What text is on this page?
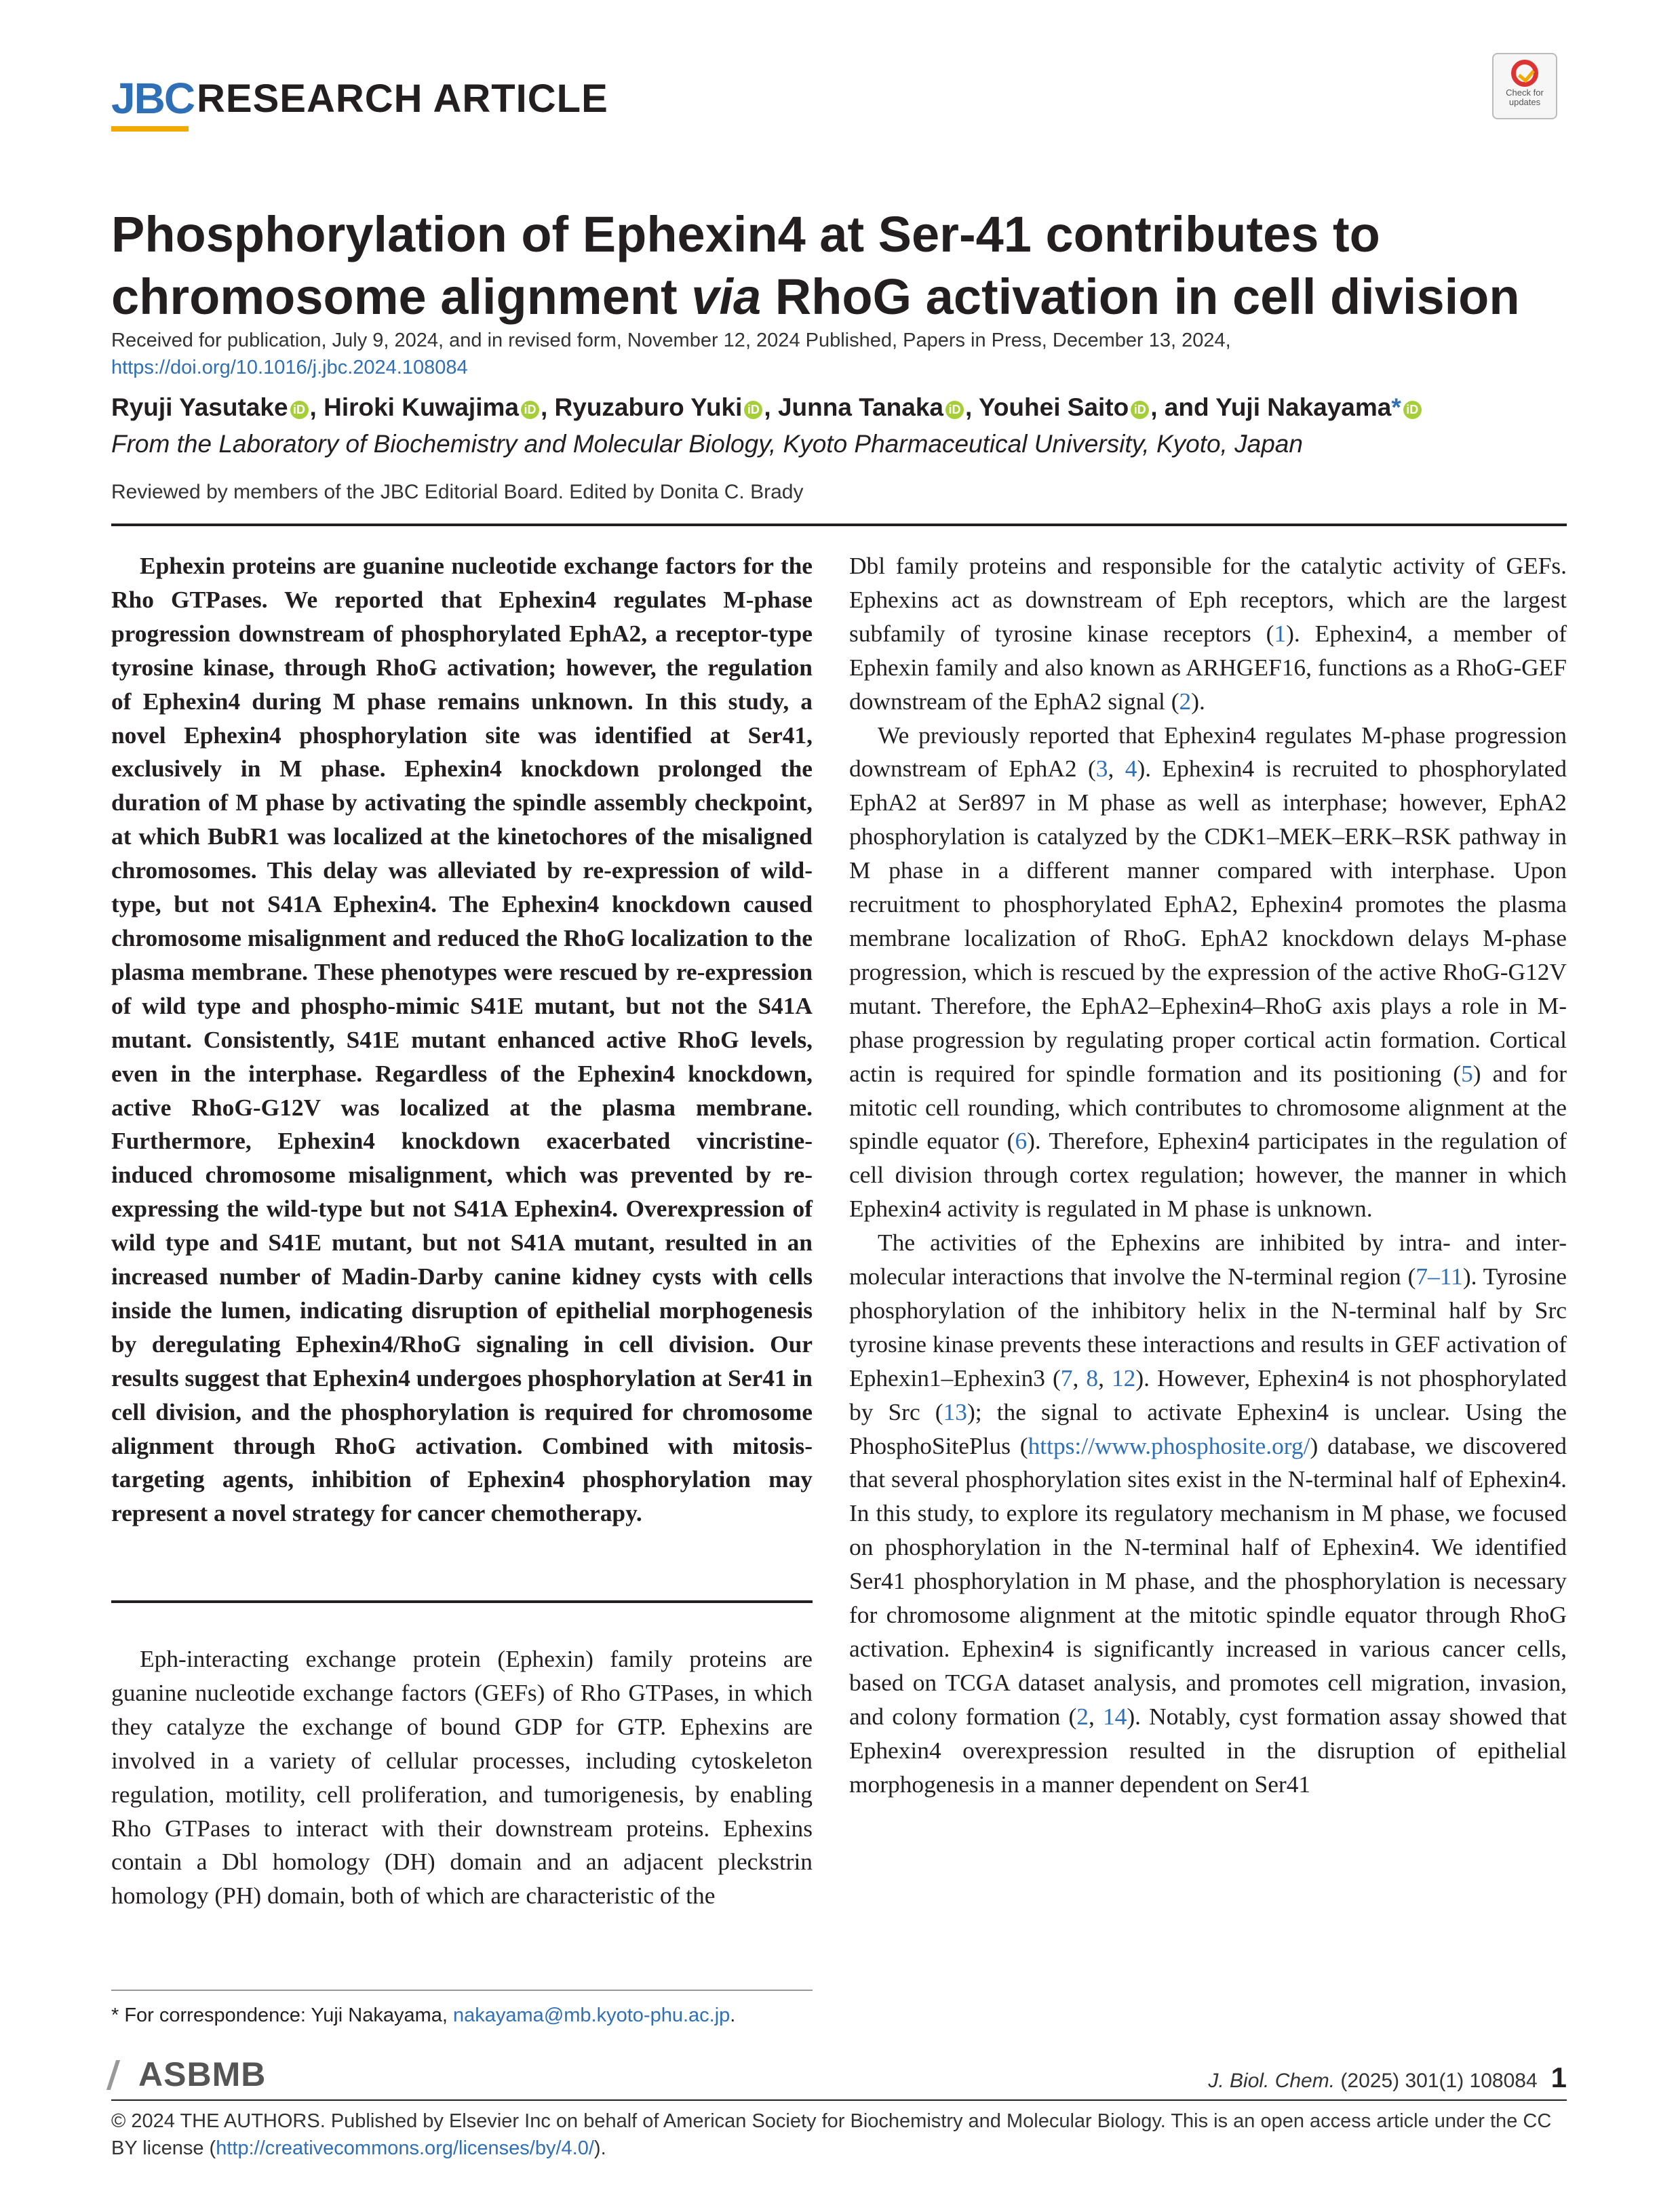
JBC RESEARCH ARTICLE	Check for
updates
Phosphorylation of Ephexin4 at Ser-41 contributes to
chromosome alignment via RhoG activation in cell division
Received for publication, July 9, 2024, and in revised form, November 12, 2024 Published, Papers in Press, December 13, 2024,
https://doi.org/10.1016/j.jbc.2024.108084
Ryuji Yasutake iD , Hiroki Kuwajima iD , Ryuzaburo Yuki iD , Junna Tanaka iD , Youhei Saito iD , and Yuji Nakayama* iD
From the Laboratory of Biochemistry and Molecular Biology, Kyoto Pharmaceutical University, Kyoto, Japan
Reviewed by members of the JBC Editorial Board. Edited by Donita C. Brady
Ephexin proteins are guanine nucleotide exchange factors for the Rho GTPases. We reported that Ephexin4 regulates M-phase progression downstream of phosphorylated EphA2, a receptor-type tyrosine kinase, through RhoG activation; however, the regulation of Ephexin4 during M phase remains unknown. In this study, a novel Ephexin4 phosphorylation site was identified at Ser41, exclusively in M phase. Ephexin4 knockdown prolonged the duration of M phase by activating the spindle assembly checkpoint, at which BubR1 was localized at the kinetochores of the misaligned chromosomes. This delay was alleviated by re-expression of wild-type, but not S41A Ephexin4. The Ephexin4 knockdown caused chromosome misalignment and reduced the RhoG localization to the plasma membrane. These phenotypes were rescued by re-expression of wild type and phospho-mimic S41E mutant, but not the S41A mutant. Consistently, S41E mutant enhanced active RhoG levels, even in the interphase. Regardless of the Ephexin4 knockdown, active RhoG-G12V was localized at the plasma membrane. Furthermore, Ephexin4 knockdown exacerbated vincristine-induced chromosome misalignment, which was prevented by re-expressing the wild-type but not S41A Ephexin4. Overexpression of wild type and S41E mutant, but not S41A mutant, resulted in an increased number of Madin-Darby canine kidney cysts with cells inside the lumen, indicating disruption of epithelial morphogenesis by deregulating Ephexin4/RhoG signaling in cell division. Our results suggest that Ephexin4 undergoes phosphorylation at Ser41 in cell division, and the phosphorylation is required for chromosome alignment through RhoG activation. Combined with mitosis-targeting agents, inhibition of Ephexin4 phosphorylation may represent a novel strategy for cancer chemotherapy.
Eph-interacting exchange protein (Ephexin) family proteins are guanine nucleotide exchange factors (GEFs) of Rho GTPases, in which they catalyze the exchange of bound GDP for GTP. Ephexins are involved in a variety of cellular processes, including cytoskeleton regulation, motility, cell proliferation, and tumorigenesis, by enabling Rho GTPases to interact with their downstream proteins. Ephexins contain a Dbl homology (DH) domain and an adjacent pleckstrin homology (PH) domain, both of which are characteristic of the
* For correspondence: Yuji Nakayama, nakayama@mb.kyoto-phu.ac.jp.

Dbl family proteins and responsible for the catalytic activity of GEFs. Ephexins act as downstream of Eph receptors, which are the largest subfamily of tyrosine kinase receptors (1). Ephexin4, a member of Ephexin family and also known as ARHGEF16, functions as a RhoG-GEF downstream of the EphA2 signal (2).

We previously reported that Ephexin4 regulates M-phase progression downstream of EphA2 (3, 4). Ephexin4 is recruited to phosphorylated EphA2 at Ser897 in M phase as well as interphase; however, EphA2 phosphorylation is catalyzed by the CDK1–MEK–ERK–RSK pathway in M phase in a different manner compared with interphase. Upon recruitment to phosphorylated EphA2, Ephexin4 promotes the plasma membrane localization of RhoG. EphA2 knockdown delays M-phase progression, which is rescued by the expression of the active RhoG-G12V mutant. Therefore, the EphA2–Ephexin4–RhoG axis plays a role in M-phase progression by regulating proper cortical actin formation. Cortical actin is required for spindle formation and its positioning (5) and for mitotic cell rounding, which contributes to chromosome alignment at the spindle equator (6). Therefore, Ephexin4 participates in the regulation of cell division through cortex regulation; however, the manner in which Ephexin4 activity is regulated in M phase is unknown.

The activities of the Ephexins are inhibited by intra- and inter-molecular interactions that involve the N-terminal region (7–11). Tyrosine phosphorylation of the inhibitory helix in the N-terminal half by Src tyrosine kinase prevents these interactions and results in GEF activation of Ephexin1–Ephexin3 (7, 8, 12). However, Ephexin4 is not phosphorylated by Src (13); the signal to activate Ephexin4 is unclear. Using the PhosphoSitePlus (https://www.phosphosite.org/) database, we discovered that several phosphorylation sites exist in the N-terminal half of Ephexin4. In this study, to explore its regulatory mechanism in M phase, we focused on phosphorylation in the N-terminal half of Ephexin4. We identified Ser41 phosphorylation in M phase, and the phosphorylation is necessary for chromosome alignment at the mitotic spindle equator through RhoG activation. Ephexin4 is significantly increased in various cancer cells, based on TCGA dataset analysis, and promotes cell migration, invasion, and colony formation (2, 14). Notably, cyst formation assay showed that Ephexin4 overexpression resulted in the disruption of epithelial morphogenesis in a manner dependent on Ser41

ASBMB	J. Biol. Chem. (2025) 301(1) 108084 1
© 2024 THE AUTHORS. Published by Elsevier Inc on behalf of American Society for Biochemistry and Molecular Biology. This is an open access article under the CC BY license (http://creativecommons.org/licenses/by/4.0/).
